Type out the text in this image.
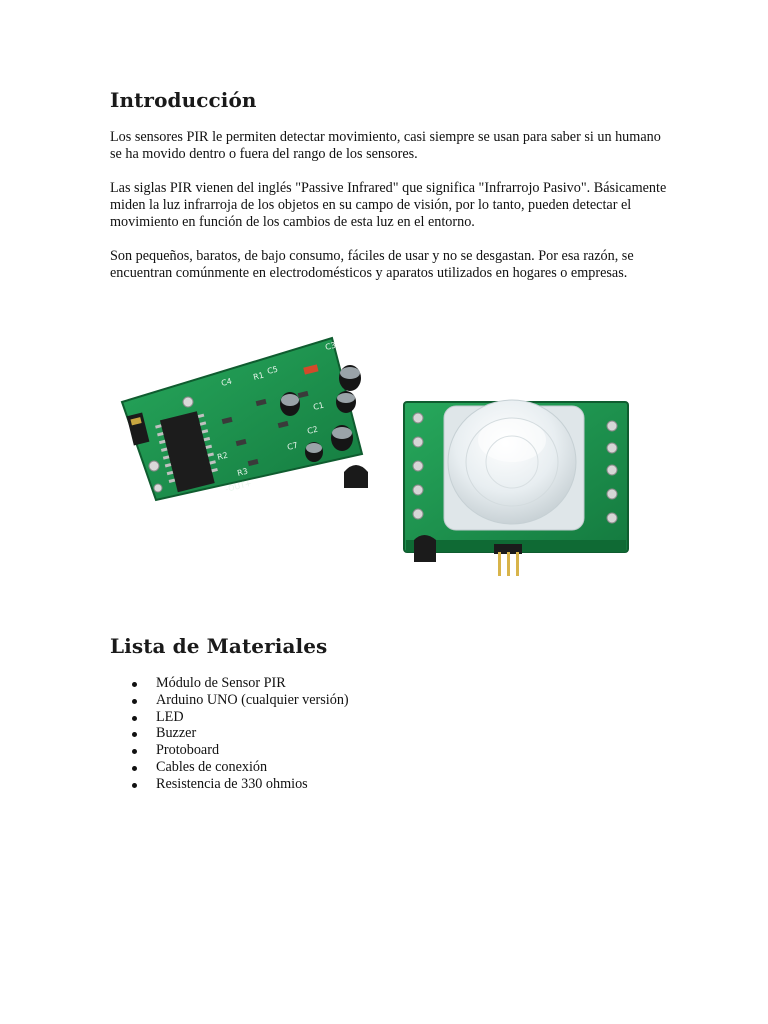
Introducción

Los sensores PIR le permiten detectar movimiento, casi siempre se usan para saber si un humano se ha movido dentro o fuera del rango de los sensores.

Las siglas PIR vienen del inglés "Passive Infrared" que significa "Infrarrojo Pasivo". Básicamente miden la luz infrarroja de los objetos en su campo de visión, por lo tanto, pueden detectar el movimiento en función de los cambios de esta luz en el entorno.

Son pequeños, baratos, de bajo consumo, fáciles de usar y no se desgastan. Por esa razón, se encuentran comúnmente en electrodomésticos y aparatos utilizados en hogares o empresas.

C4
C5
C3
R1
C2
C1
R2
C7
R3
-OUT+
Lista de Materiales
Módulo de Sensor PIR
Arduino UNO (cualquier versión)
LED
Buzzer
Protoboard
Cables de conexión
Resistencia de 330 ohmios
